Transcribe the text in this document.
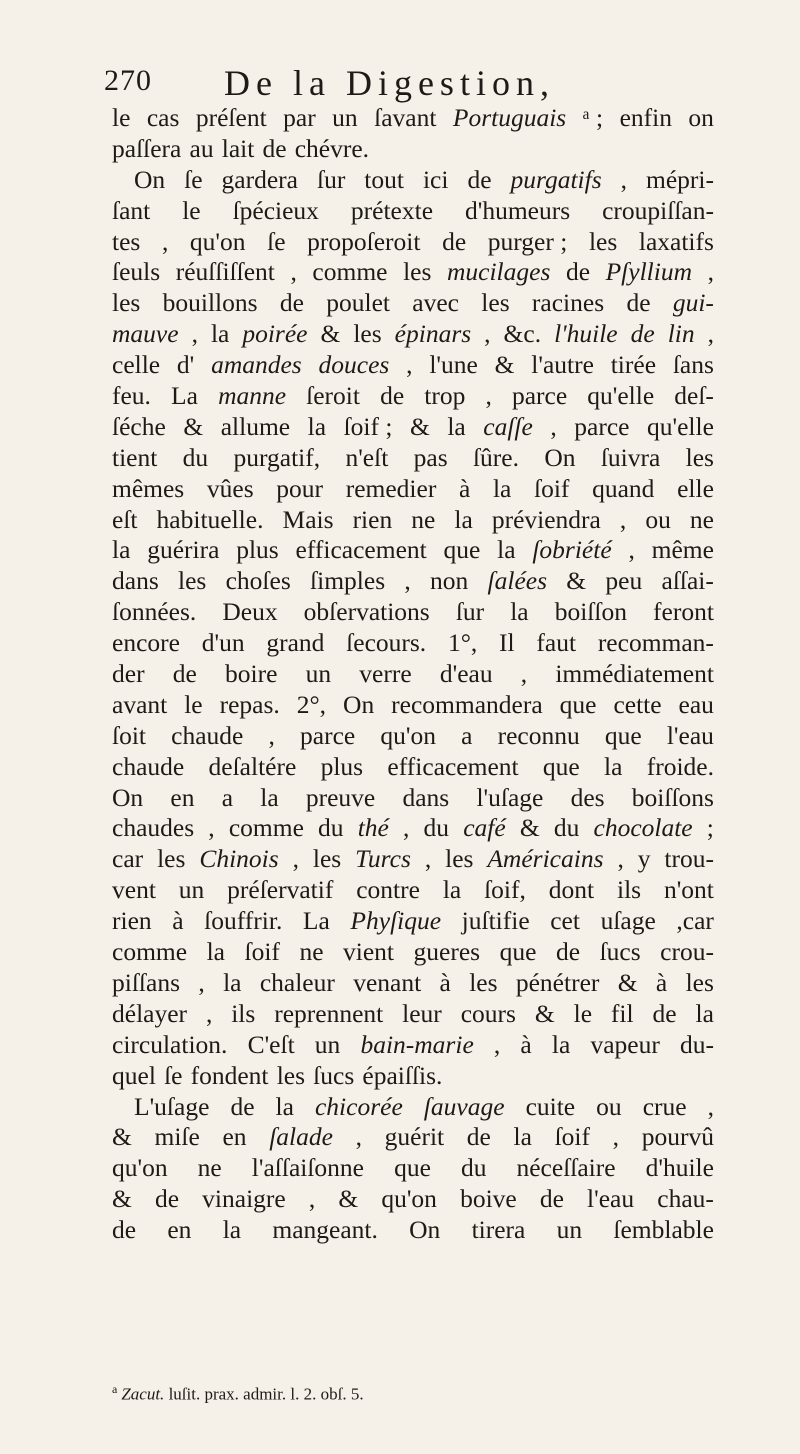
270 De la Digestion,
le cas préſent par un ſavant Portuguais ᵃ ; enfin on
paſſera au lait de chévre.
On ſe gardera ſur tout ici de purgatifs , mépri-
ſant le ſpécieux prétexte d'humeurs croupiſſan-
tes , qu'on ſe propoſeroit de purger ; les laxatifs
ſeuls réuſſiſſent , comme les mucilages de Pſyllium ,
les bouillons de poulet avec les racines de gui-
mauve , la poirée & les épinars , &c. l'huile de lin ,
celle d' amandes douces , l'une & l'autre tirée ſans
feu. La manne ſeroit de trop , parce qu'elle deſ-
ſéche & allume la ſoif ; & la caſſe , parce qu'elle
tient du purgatif, n'eſt pas ſûre. On ſuivra les
mêmes vûes pour remedier à la ſoif quand elle
eſt habituelle. Mais rien ne la préviendra , ou ne
la guérira plus efficacement que la ſobriété , même
dans les choſes ſimples , non ſalées & peu aſſai-
ſonnées. Deux obſervations ſur la boiſſon feront
encore d'un grand ſecours. 1°, Il faut recomman-
der de boire un verre d'eau , immédiatement
avant le repas. 2°, On recommandera que cette eau
ſoit chaude , parce qu'on a reconnu que l'eau
chaude deſaltére plus efficacement que la froide.
On en a la preuve dans l'uſage des boiſſons
chaudes , comme du thé , du café & du chocolate ;
car les Chinois , les Turcs , les Américains , y trou-
vent un préſervatif contre la ſoif, dont ils n'ont
rien à ſouffrir. La Phyſique juſtifie cet uſage ,car
comme la ſoif ne vient gueres que de ſucs crou-
piſſans , la chaleur venant à les pénétrer & à les
délayer , ils reprennent leur cours & le fil de la
circulation. C'eſt un bain-marie , à la vapeur du-
quel ſe fondent les ſucs épaiſſis.
L'uſage de la chicorée ſauvage cuite ou crue ,
& miſe en ſalade , guérit de la ſoif , pourvû
qu'on ne l'aſſaiſonne que du néceſſaire d'huile
& de vinaigre , & qu'on boive de l'eau chau-
de en la mangeant. On tirera un ſemblable
$^a$ Zacut. luſit. prax. admir. l. 2. obſ. 5.
